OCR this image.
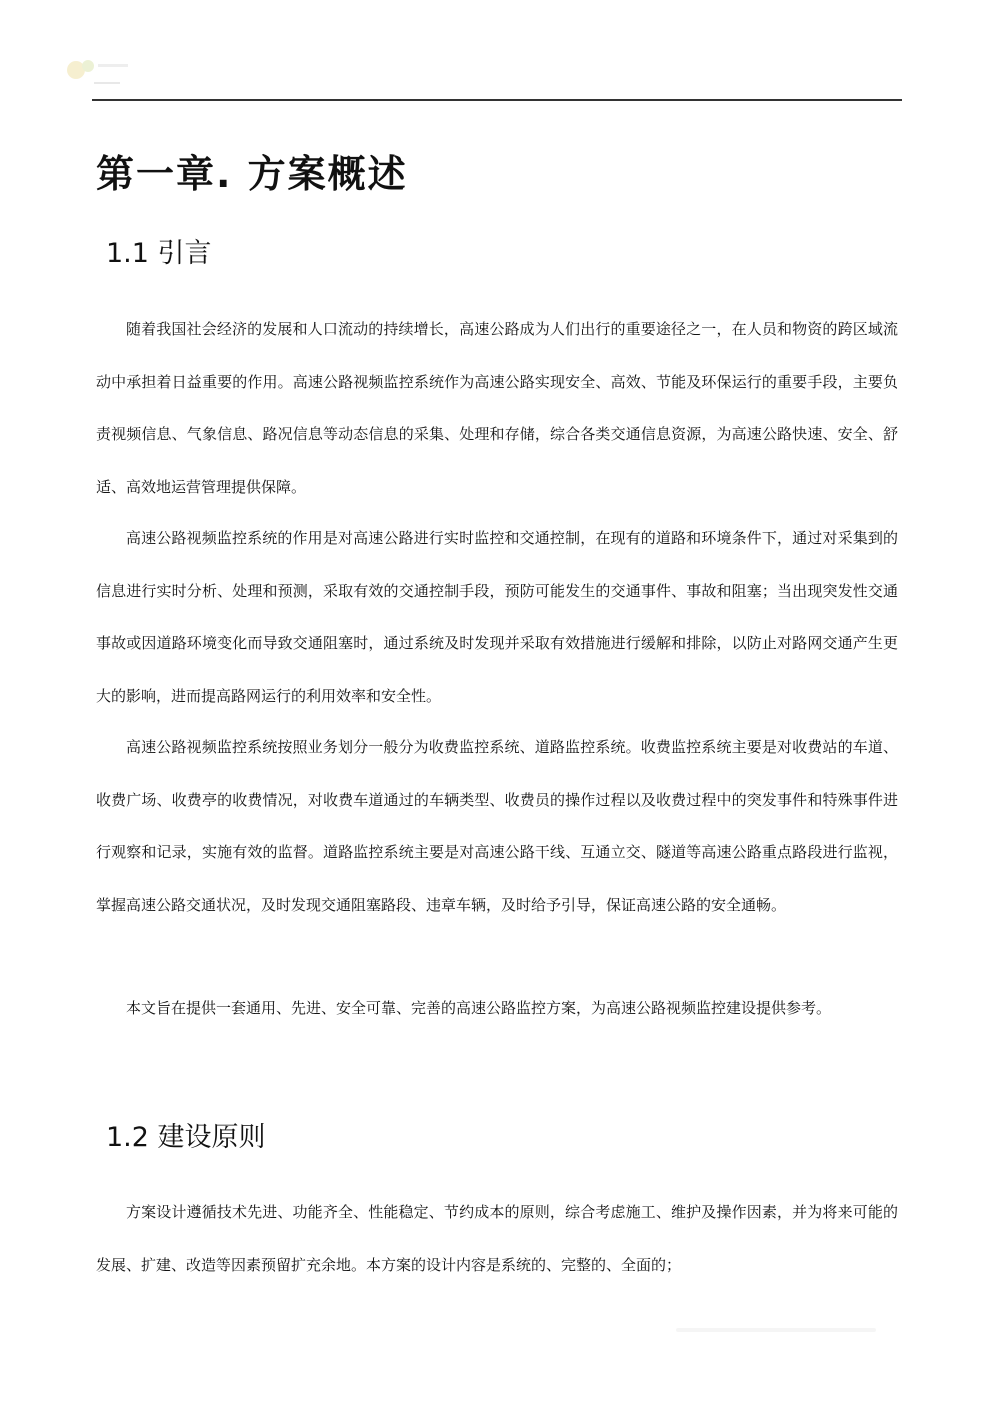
第一章. 方案概述
1.1 引言

随着我国社会经济的发展和人口流动的持续增长，高速公路成为人们出行的重要途径之一，在人员和物资的跨区域流动中承担着日益重要的作用。高速公路视频监控系统作为高速公路实现安全、高效、节能及环保运行的重要手段，主要负责视频信息、气象信息、路况信息等动态信息的采集、处理和存储，综合各类交通信息资源，为高速公路快速、安全、舒适、高效地运营管理提供保障。

高速公路视频监控系统的作用是对高速公路进行实时监控和交通控制，在现有的道路和环境条件下，通过对采集到的信息进行实时分析、处理和预测，采取有效的交通控制手段，预防可能发生的交通事件、事故和阻塞；当出现突发性交通事故或因道路环境变化而导致交通阻塞时，通过系统及时发现并采取有效措施进行缓解和排除，以防止对路网交通产生更大的影响，进而提高路网运行的利用效率和安全性。

高速公路视频监控系统按照业务划分一般分为收费监控系统、道路监控系统。收费监控系统主要是对收费站的车道、收费广场、收费亭的收费情况，对收费车道通过的车辆类型、收费员的操作过程以及收费过程中的突发事件和特殊事件进行观察和记录，实施有效的监督。道路监控系统主要是对高速公路干线、互通立交、隧道等高速公路重点路段进行监视，掌握高速公路交通状况，及时发现交通阻塞路段、违章车辆，及时给予引导，保证高速公路的安全通畅。

本文旨在提供一套通用、先进、安全可靠、完善的高速公路监控方案，为高速公路视频监控建设提供参考。

1.2 建设原则

方案设计遵循技术先进、功能齐全、性能稳定、节约成本的原则，综合考虑施工、维护及操作因素，并为将来可能的发展、扩建、改造等因素预留扩充余地。本方案的设计内容是系统的、完整的、全面的；
